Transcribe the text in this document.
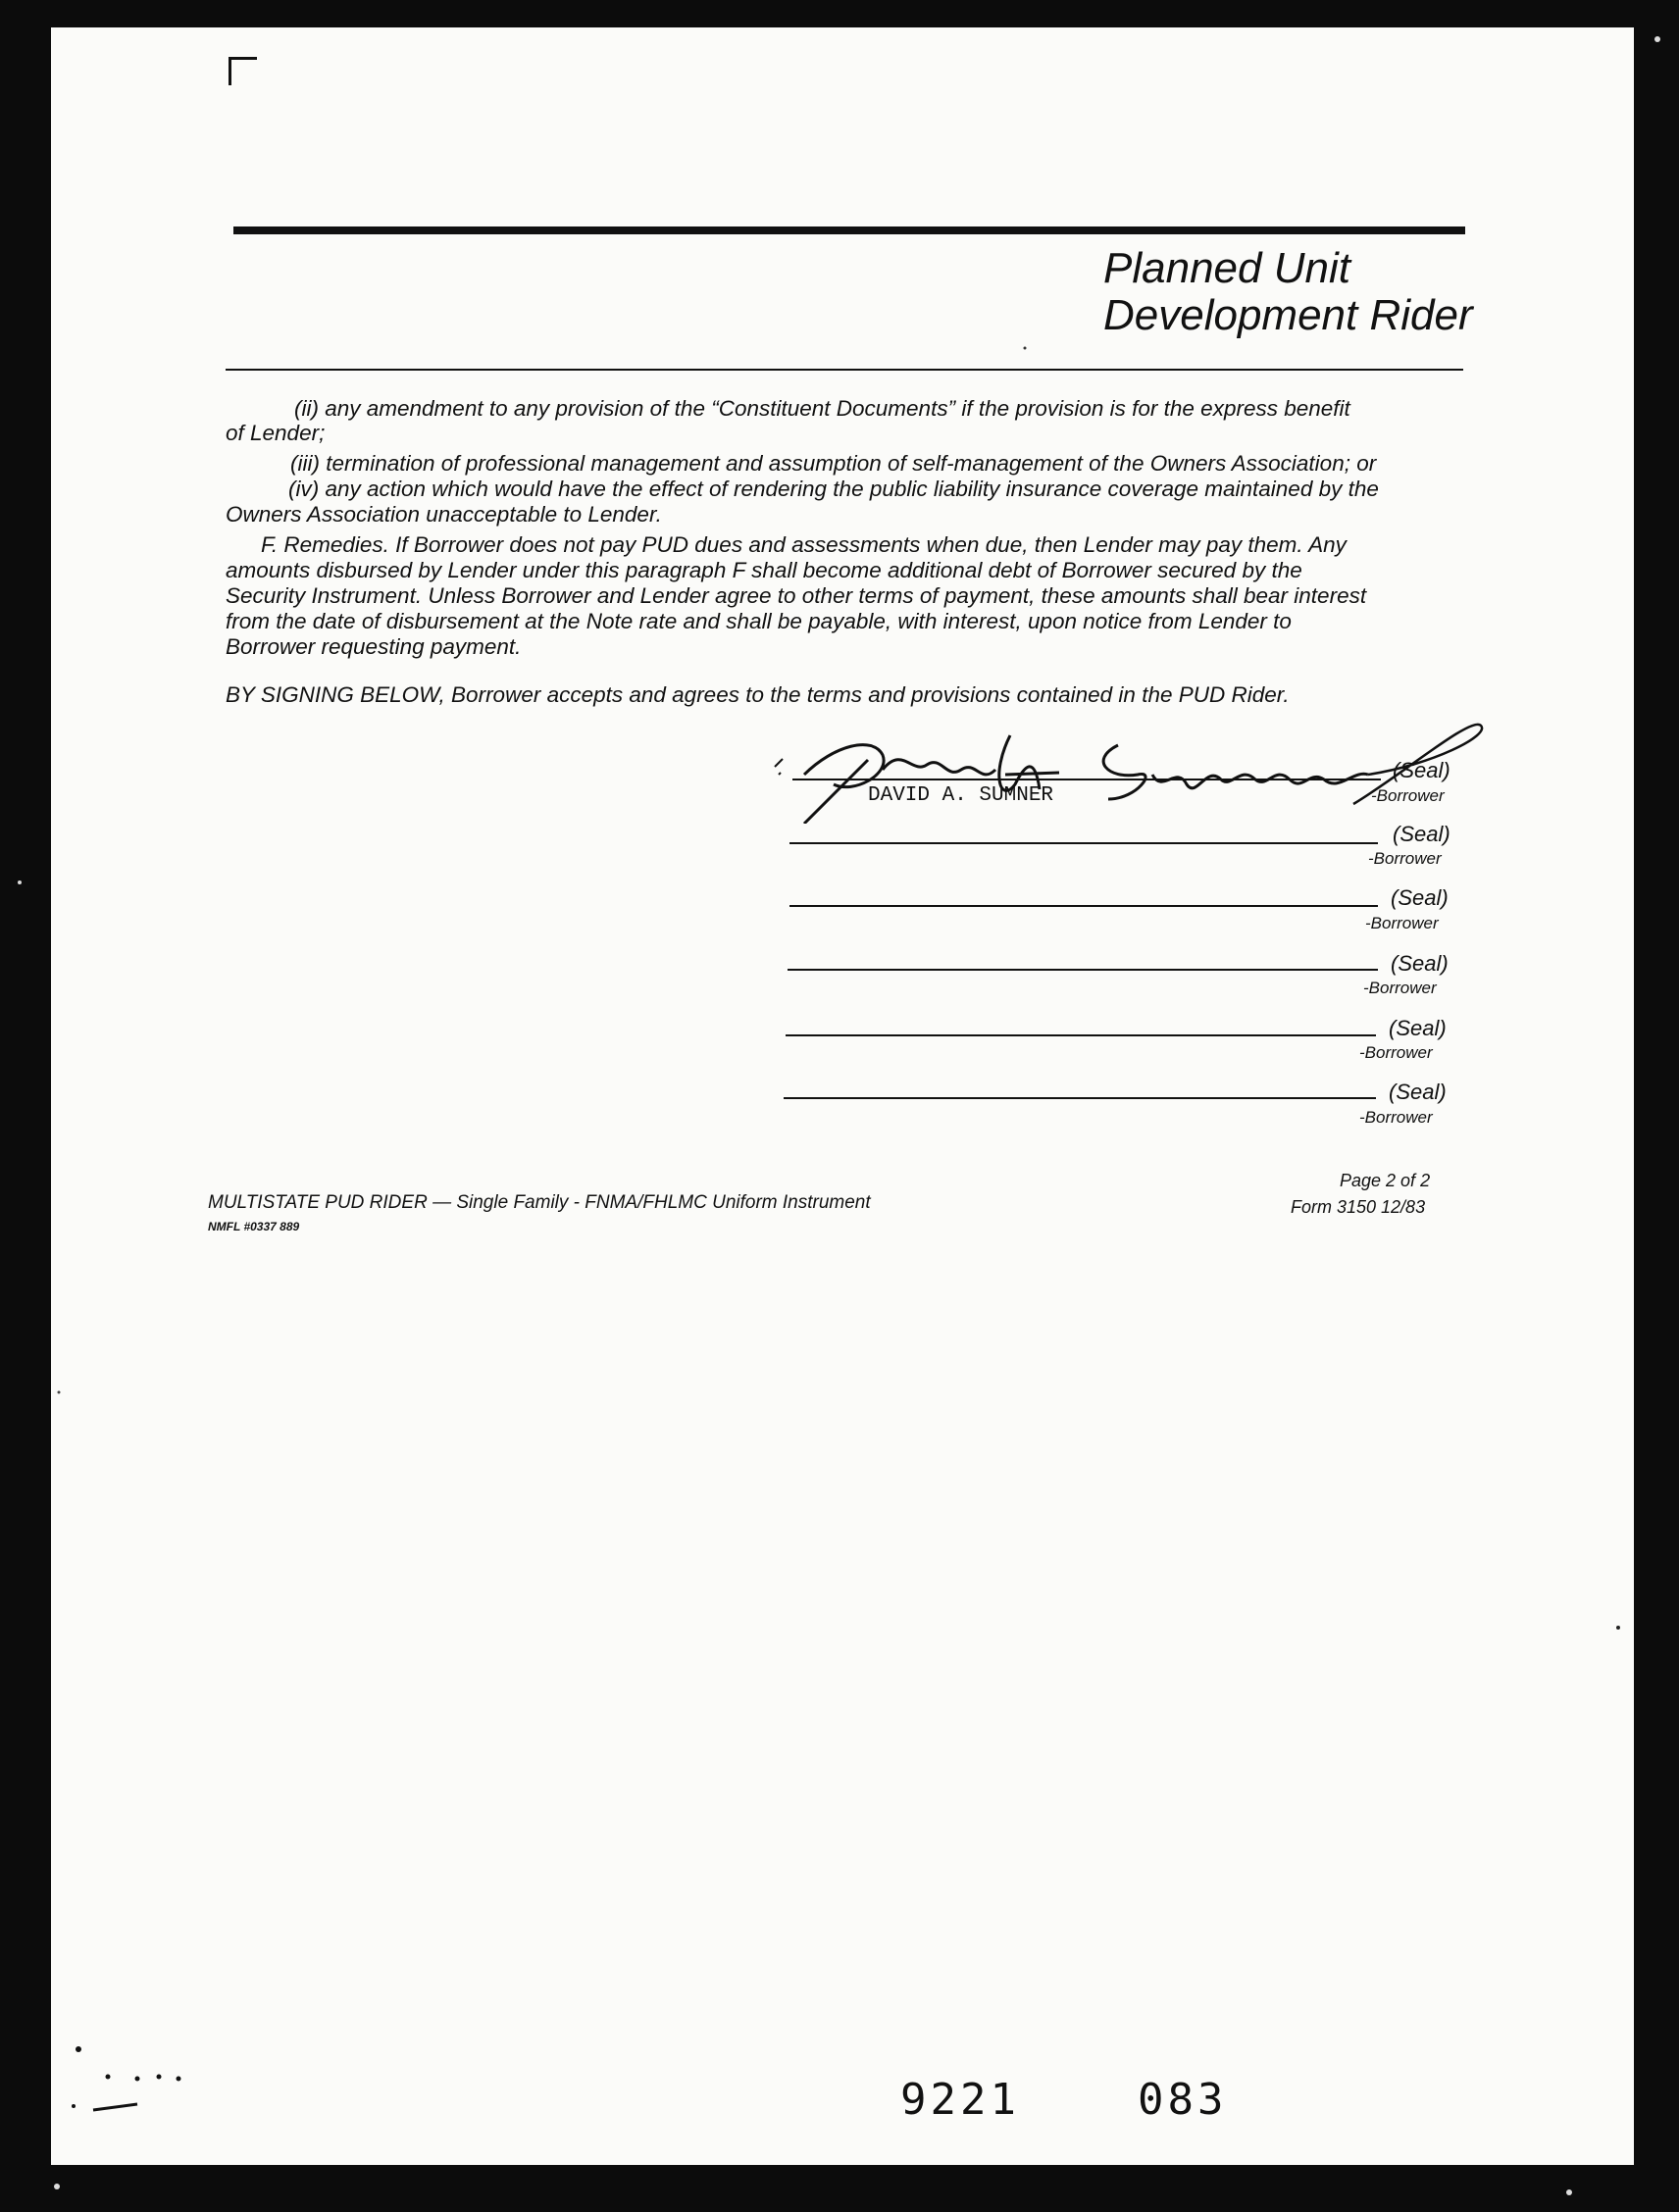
Planned Unit
Development Rider
(ii) any amendment to any provision of the “Constituent Documents” if the provision is for the express benefit
of Lender;
(iii) termination of professional management and assumption of self-management of the Owners Association; or
(iv) any action which would have the effect of rendering the public liability insurance coverage maintained by the
Owners Association unacceptable to Lender.
F. Remedies. If Borrower does not pay PUD dues and assessments when due, then Lender may pay them. Any
amounts disbursed by Lender under this paragraph F shall become additional debt of Borrower secured by the
Security Instrument. Unless Borrower and Lender agree to other terms of payment, these amounts shall bear interest
from the date of disbursement at the Note rate and shall be payable, with interest, upon notice from Lender to
Borrower requesting payment.
BY SIGNING BELOW, Borrower accepts and agrees to the terms and provisions contained in the PUD Rider.
DAVID A. SUMNER
(Seal)
-Borrower
(Seal)
-Borrower
(Seal)
-Borrower
(Seal)
-Borrower
(Seal)
-Borrower
(Seal)
-Borrower
MULTISTATE PUD RIDER — Single Family - FNMA/FHLMC Uniform Instrument
NMFL #0337 889
Page 2 of 2
Form 3150 12/83
9221	083
